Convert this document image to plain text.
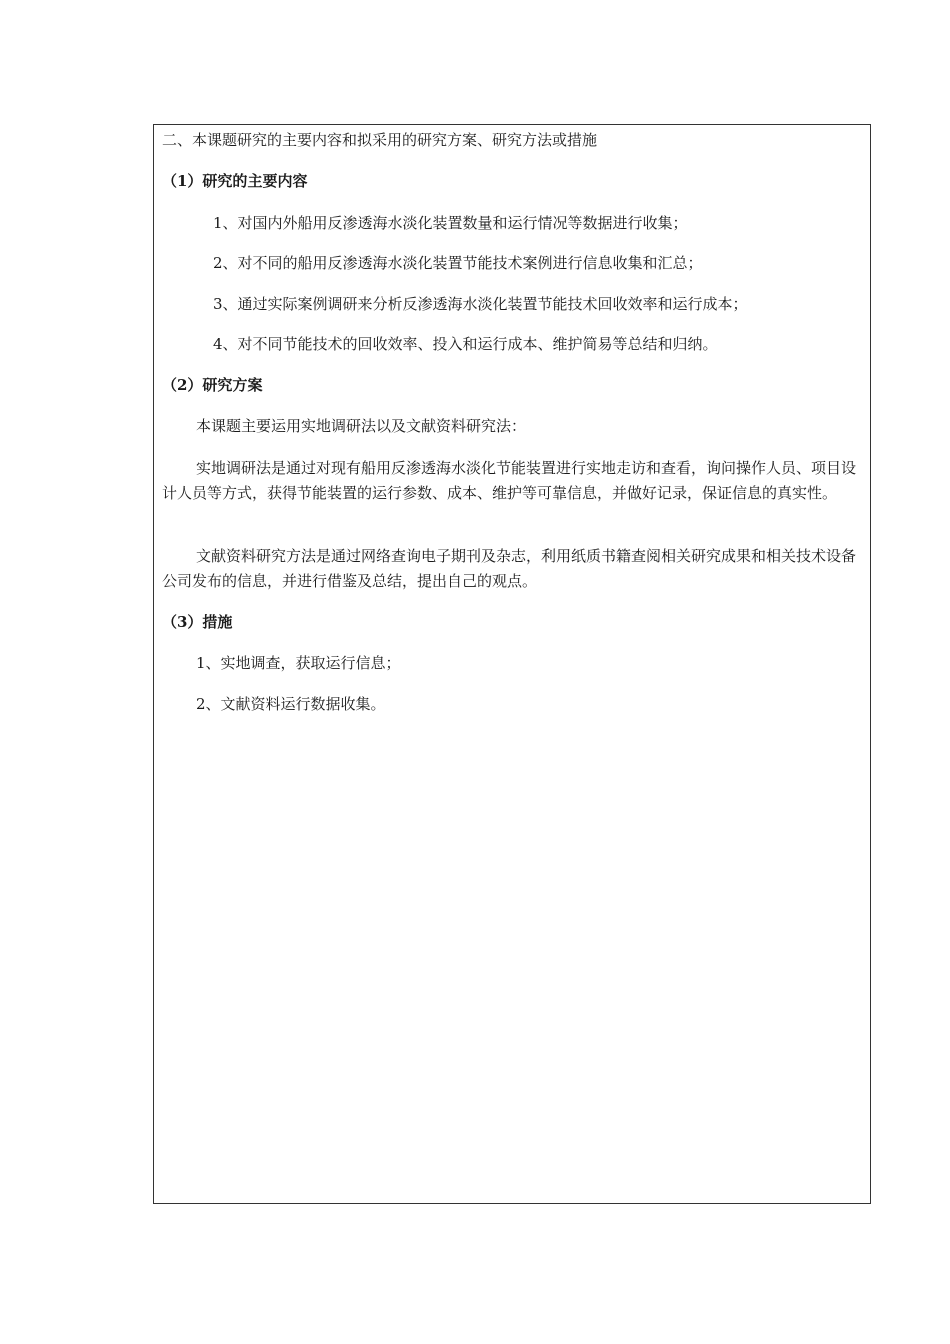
二、本课题研究的主要内容和拟采用的研究方案、研究方法或措施
（1）研究的主要内容
1、对国内外船用反渗透海水淡化装置数量和运行情况等数据进行收集；
2、对不同的船用反渗透海水淡化装置节能技术案例进行信息收集和汇总；
3、通过实际案例调研来分析反渗透海水淡化装置节能技术回收效率和运行成本；
4、对不同节能技术的回收效率、投入和运行成本、维护简易等总结和归纳。
（2）研究方案
本课题主要运用实地调研法以及文献资料研究法：
实地调研法是通过对现有船用反渗透海水淡化节能装置进行实地走访和查看，询问操作人员、项目设计人员等方式，获得节能装置的运行参数、成本、维护等可靠信息，并做好记录，保证信息的真实性。
文献资料研究方法是通过网络查询电子期刊及杂志，利用纸质书籍查阅相关研究成果和相关技术设备公司发布的信息，并进行借鉴及总结，提出自己的观点。
（3）措施
1、实地调查，获取运行信息；
2、文献资料运行数据收集。
